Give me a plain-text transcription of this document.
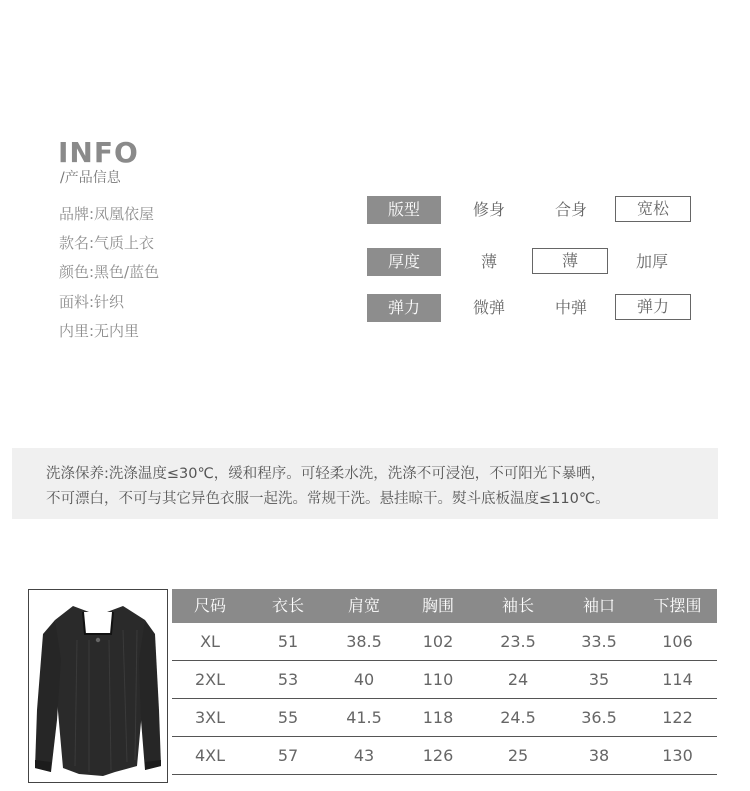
INFO
/产品信息
品牌:凤凰依屋
款名:气质上衣
颜色:黑色/蓝色
面料:针织
内里:无内里
版型	修身	合身	宽松
厚度	薄	薄	加厚
弹力	微弹	中弹	弹力
洗涤保养:洗涤温度≤30℃，缓和程序。可轻柔水洗，洗涤不可浸泡，不可阳光下暴晒，
不可漂白，不可与其它异色衣服一起洗。常规干洗。悬挂晾干。熨斗底板温度≤110℃。
尺码	衣长	肩宽	胸围	袖长	袖口	下摆围
XL	51	38.5	102	23.5	33.5	106
2XL	53	40	110	24	35	114
3XL	55	41.5	118	24.5	36.5	122
4XL	57	43	126	25	38	130
